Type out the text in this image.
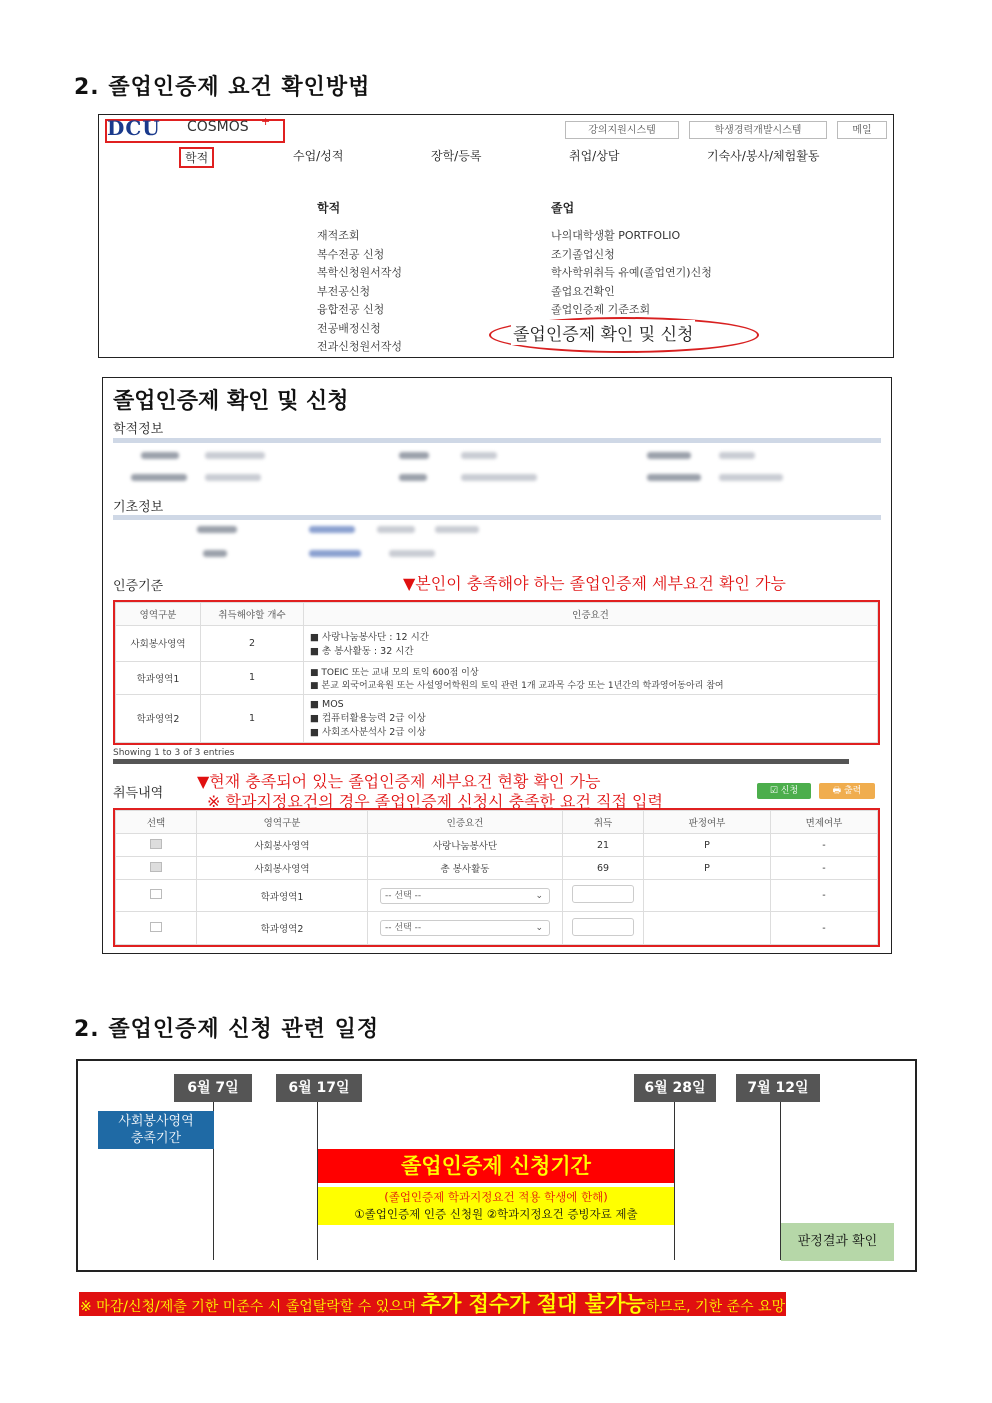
2. 졸업인증제 요건 확인방법
DCU COSMOS +
강의지원시스템	학생경력개발시스템	메일
학적	수업/성적	장학/등록	취업/상담	기숙사/봉사/체험활동
학적
재적조회
복수전공 신청
복학신청원서작성
부전공신청
융합전공 신청
전공배정신청
전과신청원서작성
졸업
나의대학생활 PORTFOLIO
조기졸업신청
학사학위취득 유예(졸업연기)신청
졸업요건확인
졸업인증제 기준조회
졸업인증제 확인 및 신청
졸업인증제 확인 및 신청
학적정보
기초정보
인증기준	▼본인이 충족해야 하는 졸업인증제 세부요건 확인 가능
영역구분	취득해야할 개수	인증요건
사회봉사영역	2	■ 사랑나눔봉사단 : 12 시간
■ 총 봉사활동 : 32 시간

학과영역1	1	■ TOEIC 또는 교내 모의 토익 600점 이상
■ 본교 외국어교육원 또는 사설영어학원의 토익 관련 1개 교과목 수강 또는 1년간의 학과영어동아리 참여

학과영역2	1	■ MOS
■ 컴퓨터활용능력 2급 이상
■ 사회조사분석사 2급 이상
Showing 1 to 3 of 3 entries
취득내역
▼현재 충족되어 있는 졸업인증제 세부요건 현황 확인 가능
※ 학과지정요건의 경우 졸업인증제 신청시 충족한 요건 직접 입력
☑ 신청	🖶 출력
선택	영역구분	인증요건	취득	판정여부	면제여부
	사회봉사영역	사랑나눔봉사단	21	P	-
	사회봉사영역	총 봉사활동	69	P	-
	학과영역1	-- 선택 -- ⌄			-
	학과영역2	-- 선택 -- ⌄			-
2. 졸업인증제 신청 관련 일정
6월 7일	6월 17일	6월 28일	7월 12일
사회봉사영역
충족기간
졸업인증제 신청기간
(졸업인증제 학과지정요건 적용 학생에 한해)
①졸업인증제 인증 신청원 ②학과지정요건 증빙자료 제출
판정결과 확인
※ 마감/신청/제출 기한 미준수 시 졸업탈락할 수 있으며 추가 접수가 절대 불가능하므로, 기한 준수 요망
